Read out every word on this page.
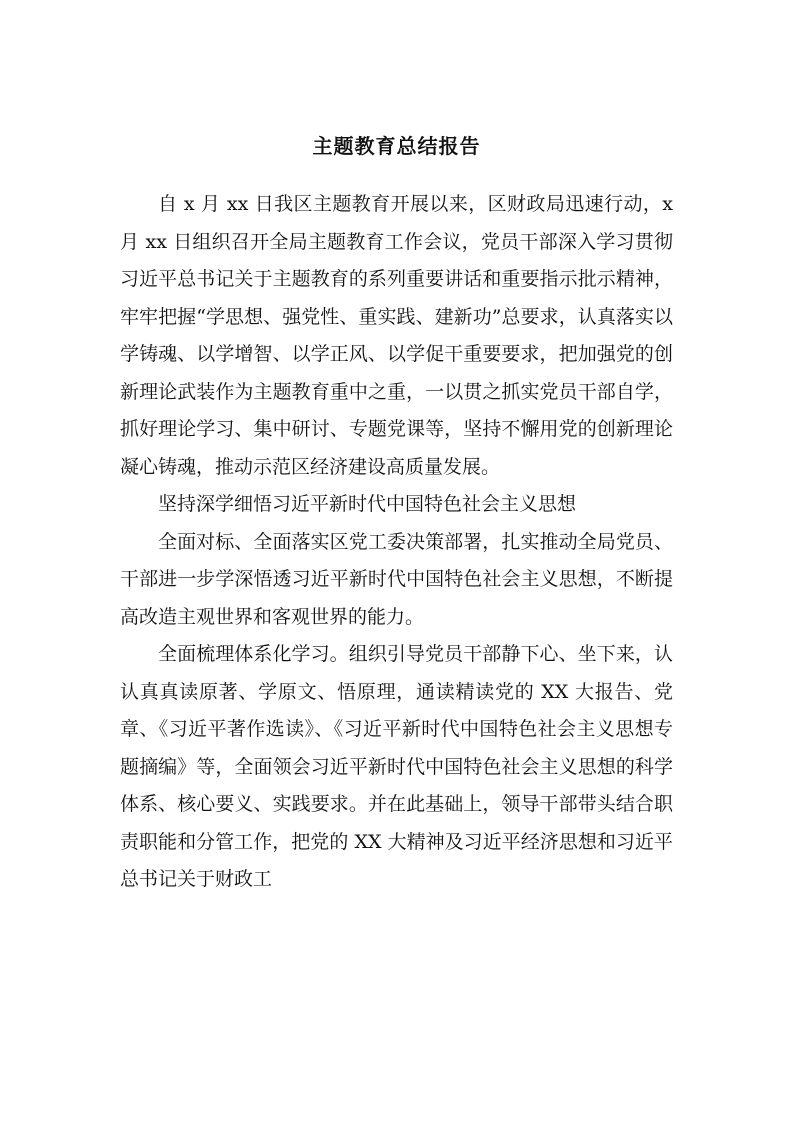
主题教育总结报告

自 x 月 xx 日我区主题教育开展以来，区财政局迅速行动，x 月 xx 日组织召开全局主题教育工作会议，党员干部深入学习贯彻习近平总书记关于主题教育的系列重要讲话和重要指示批示精神，牢牢把握“学思想、强党性、重实践、建新功”总要求，认真落实以学铸魂、以学增智、以学正风、以学促干重要要求，把加强党的创新理论武装作为主题教育重中之重，一以贯之抓实党员干部自学，抓好理论学习、集中研讨、专题党课等，坚持不懈用党的创新理论凝心铸魂，推动示范区经济建设高质量发展。

坚持深学细悟习近平新时代中国特色社会主义思想

全面对标、全面落实区党工委决策部署，扎实推动全局党员、干部进一步学深悟透习近平新时代中国特色社会主义思想，不断提高改造主观世界和客观世界的能力。

全面梳理体系化学习。组织引导党员干部静下心、坐下来，认认真真读原著、学原文、悟原理，通读精读党的 XX 大报告、党章、《习近平著作选读》、《习近平新时代中国特色社会主义思想专题摘编》等，全面领会习近平新时代中国特色社会主义思想的科学体系、核心要义、实践要求。并在此基础上，领导干部带头结合职责职能和分管工作，把党的 XX 大精神及习近平经济思想和习近平总书记关于财政工
